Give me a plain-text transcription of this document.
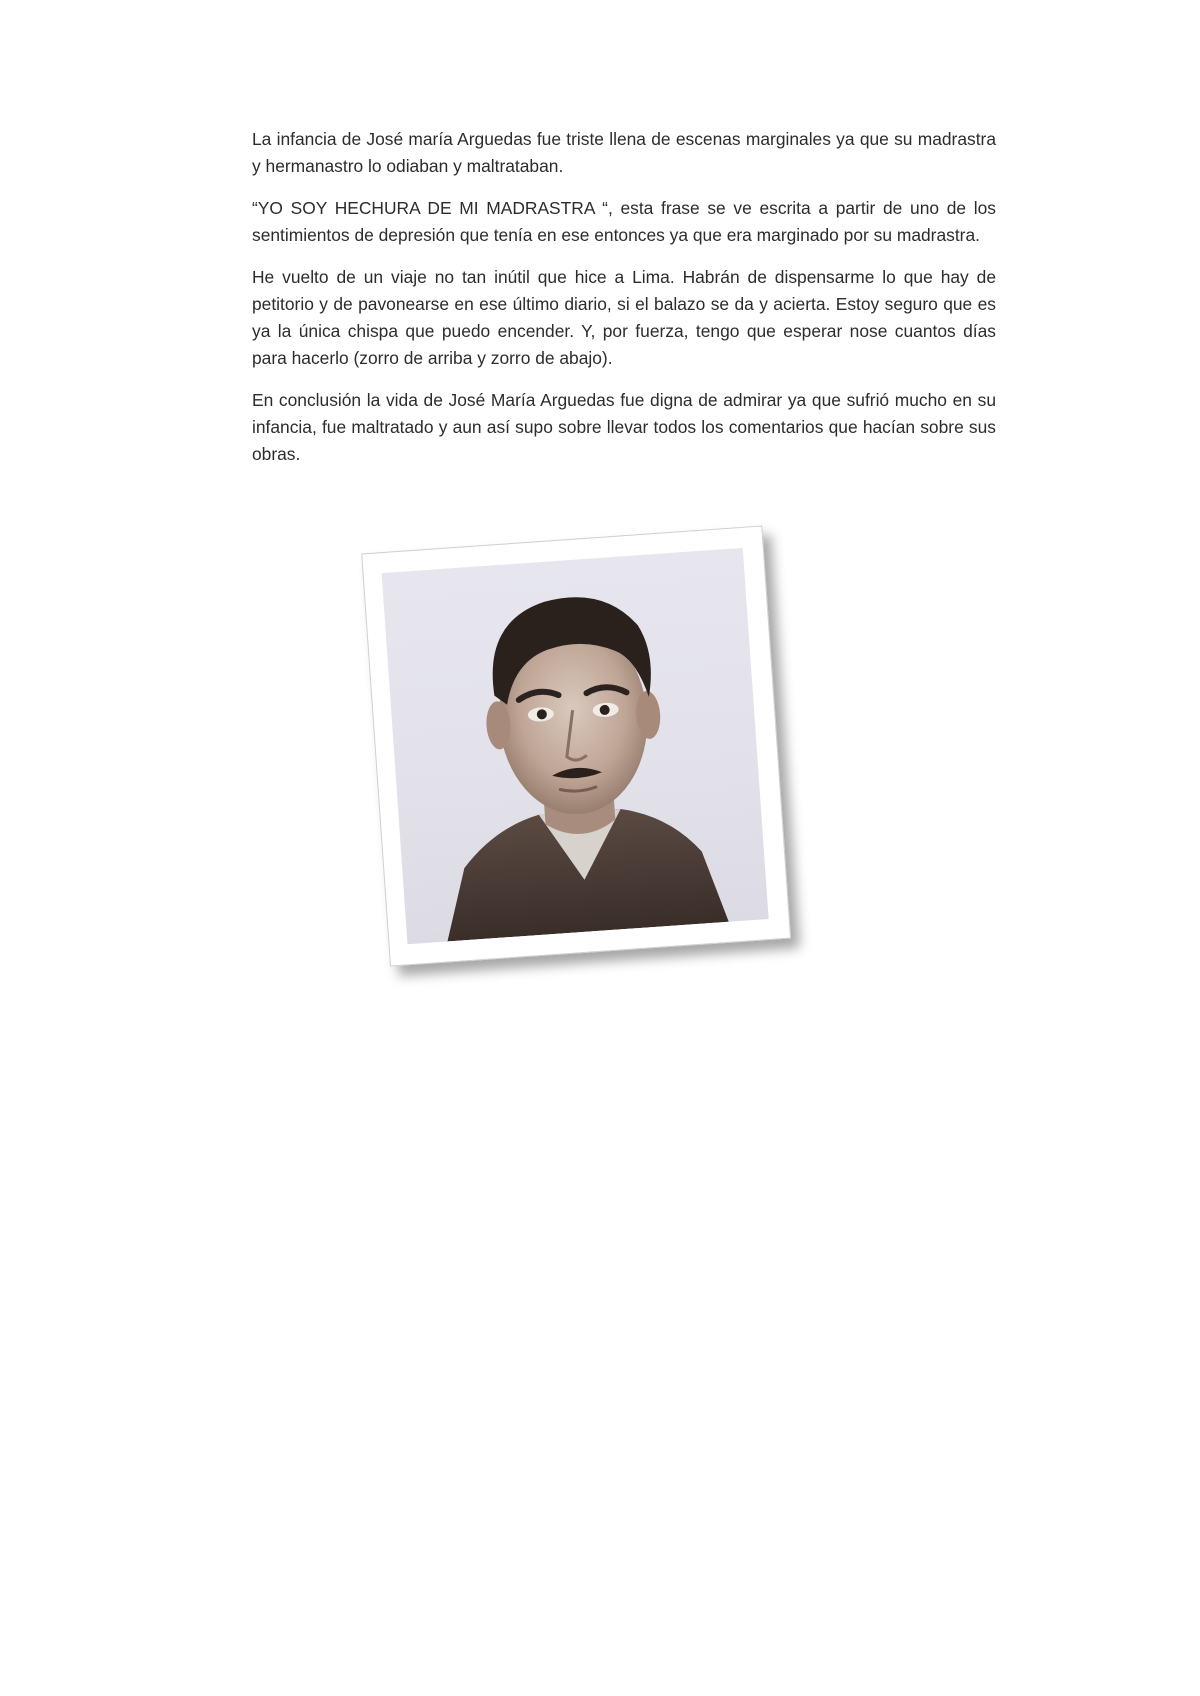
La infancia de José maría Arguedas fue triste llena de escenas marginales ya que su madrastra y hermanastro lo odiaban y maltrataban.

“YO SOY HECHURA DE MI MADRASTRA “, esta frase se ve escrita a partir de uno de los sentimientos de depresión que tenía en ese entonces ya que era marginado por su madrastra.

He vuelto de un viaje no tan inútil que hice a Lima. Habrán de dispensarme lo que hay de petitorio y de pavonearse en ese último diario, si el balazo se da y acierta. Estoy seguro que es ya la única chispa que puedo encender. Y, por fuerza, tengo que esperar nose cuantos días para hacerlo (zorro de arriba y zorro de abajo).

En conclusión la vida de José María Arguedas fue digna de admirar ya que sufrió mucho en su infancia, fue maltratado y aun así supo sobre llevar todos los comentarios que hacían sobre sus obras.
